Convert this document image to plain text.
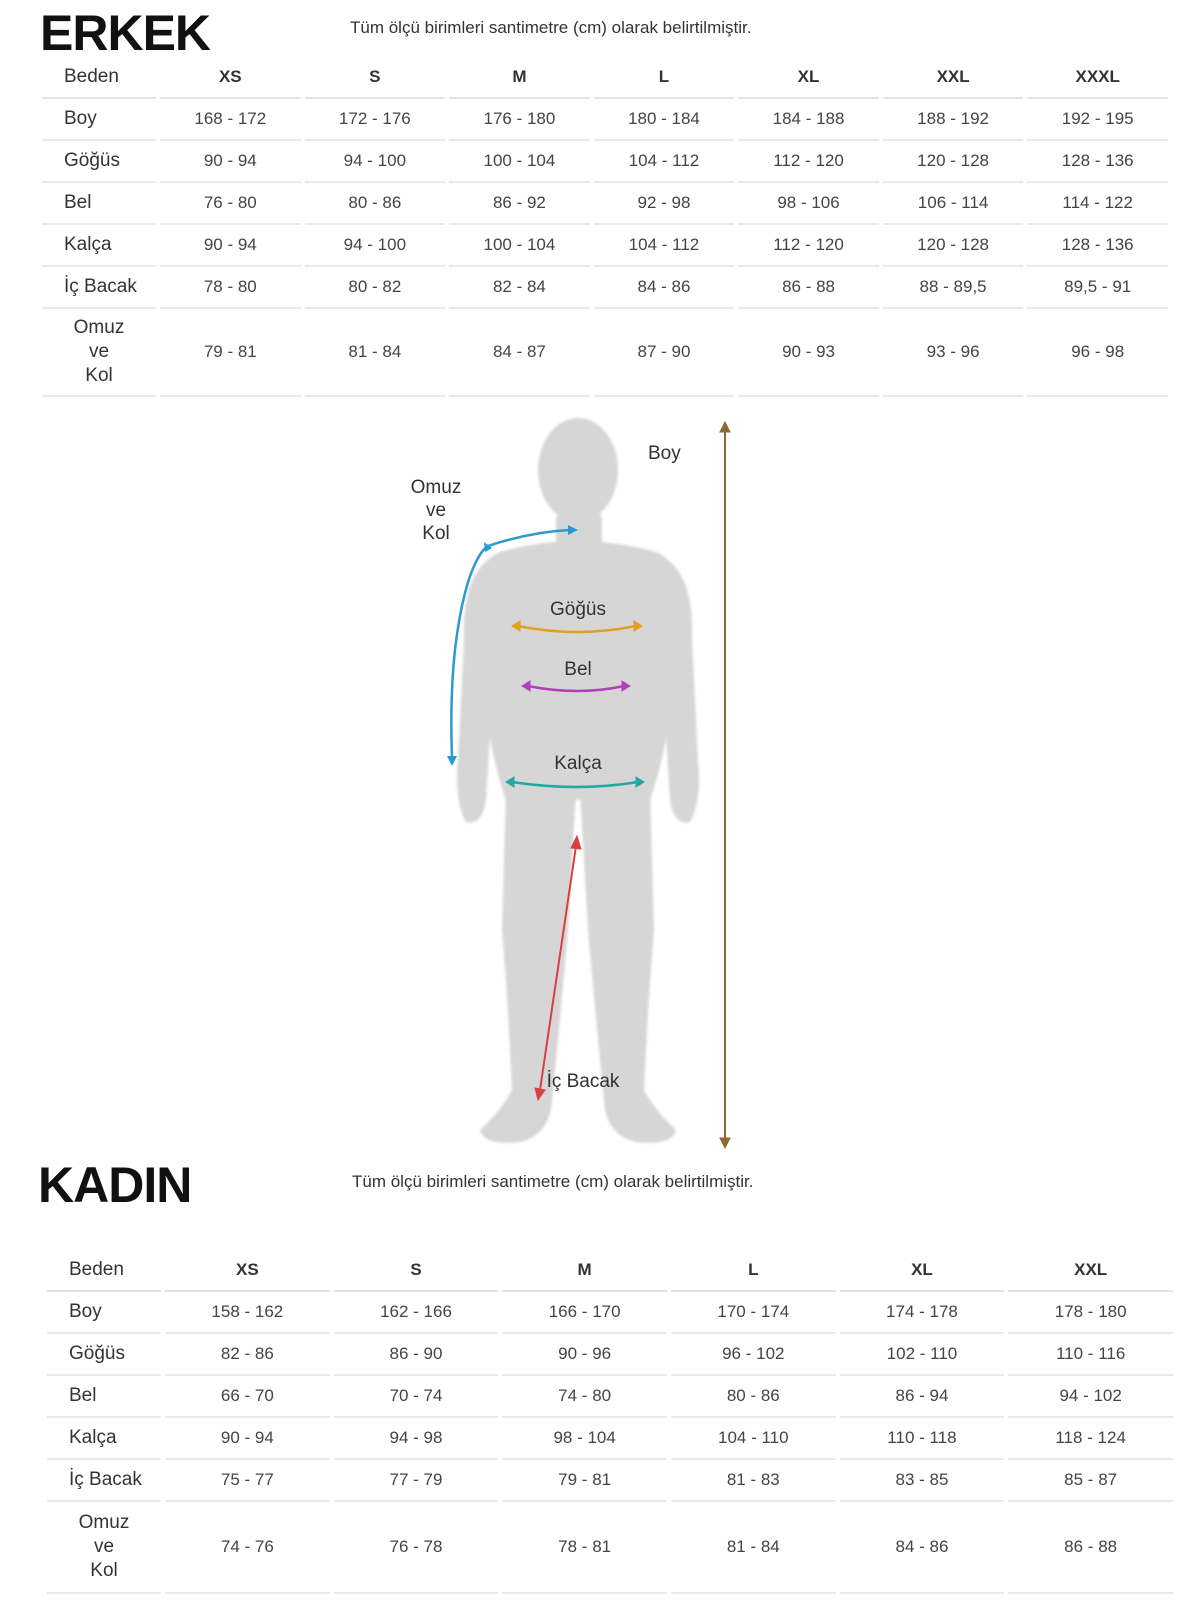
ERKEK	Tüm ölçü birimleri santimetre (cm) olarak belirtilmiştir.
Beden	XS	S	M	L	XL	XXL	XXXL
Boy	168 - 172	172 - 176	176 - 180	180 - 184	184 - 188	188 - 192	192 - 195
Göğüs	90 - 94	94 - 100	100 - 104	104 - 112	112 - 120	120 - 128	128 - 136
Bel	76 - 80	80 - 86	86 - 92	92 - 98	98 - 106	106 - 114	114 - 122
Kalça	90 - 94	94 - 100	100 - 104	104 - 112	112 - 120	120 - 128	128 - 136
İç Bacak	78 - 80	80 - 82	82 - 84	84 - 86	86 - 88	88 - 89,5	89,5 - 91

Omuz
ve
Kol	79 - 81	81 - 84	84 - 87	87 - 90	90 - 93	93 - 96	96 - 98
Boy
Omuz
ve
Kol
Göğüs
Bel
Kalça
İç Bacak
KADIN	Tüm ölçü birimleri santimetre (cm) olarak belirtilmiştir.
Beden	XS	S	M	L	XL	XXL
Boy	158 - 162	162 - 166	166 - 170	170 - 174	174 - 178	178 - 180
Göğüs	82 - 86	86 - 90	90 - 96	96 - 102	102 - 110	110 - 116
Bel	66 - 70	70 - 74	74 - 80	80 - 86	86 - 94	94 - 102
Kalça	90 - 94	94 - 98	98 - 104	104 - 110	110 - 118	118 - 124
İç Bacak	75 - 77	77 - 79	79 - 81	81 - 83	83 - 85	85 - 87

Omuz
ve
Kol	74 - 76	76 - 78	78 - 81	81 - 84	84 - 86	86 - 88
